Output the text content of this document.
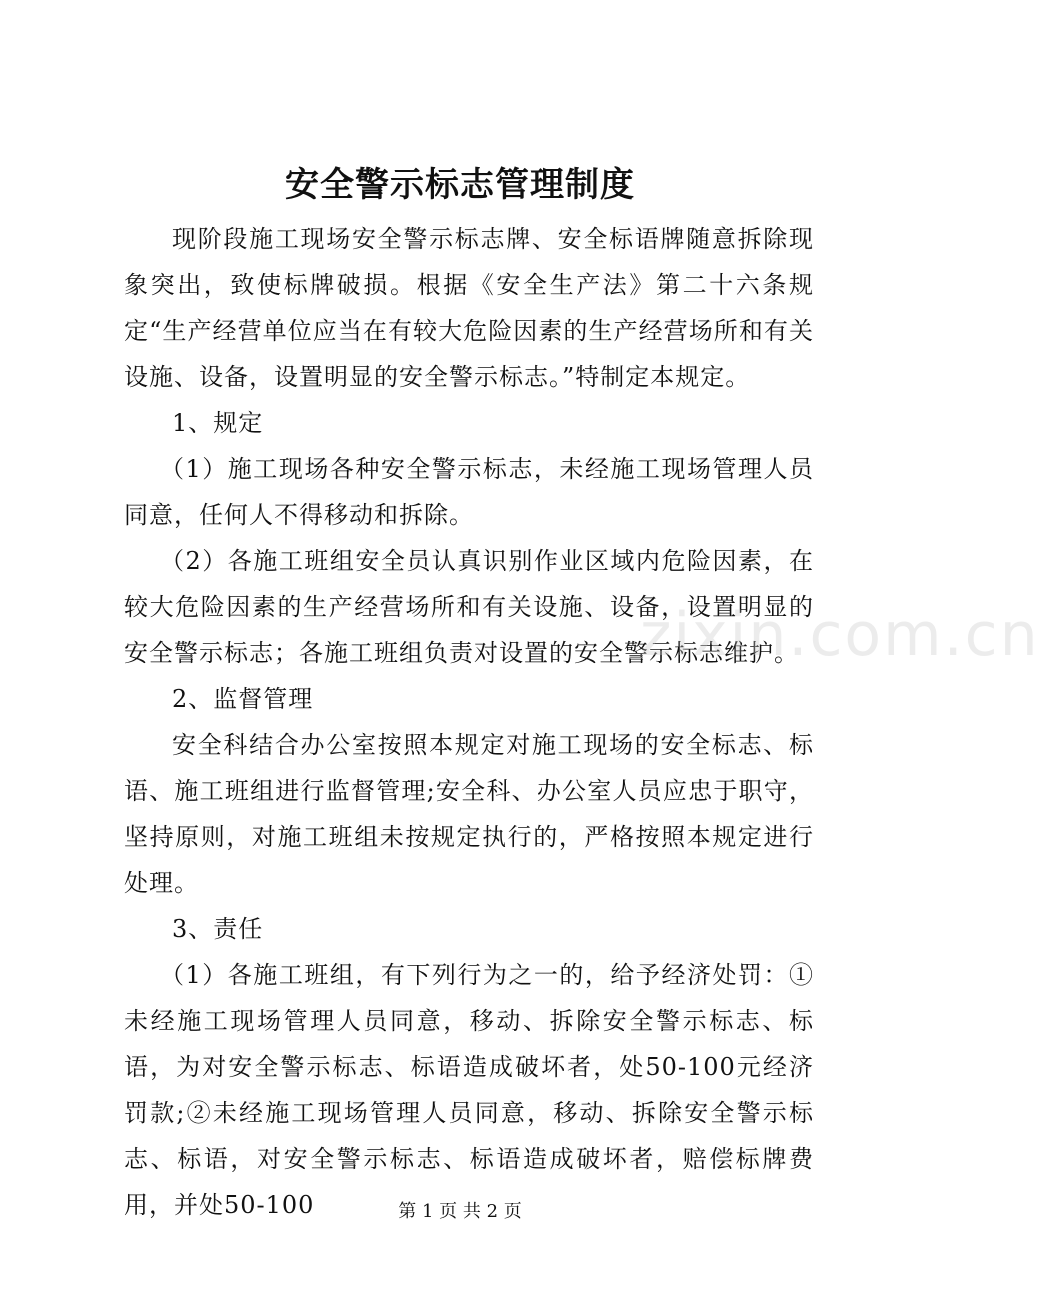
安全警示标志管理制度

现阶段施工现场安全警示标志牌、安全标语牌随意拆除现象突出，致使标牌破损。根据《安全生产法》第二十六条规定“生产经营单位应当在有较大危险因素的生产经营场所和有关设施、设备，设置明显的安全警示标志。”特制定本规定。

1、规定

（1）施工现场各种安全警示标志，未经施工现场管理人员同意，任何人不得移动和拆除。

（2）各施工班组安全员认真识别作业区域内危险因素，在较大危险因素的生产经营场所和有关设施、设备，设置明显的安全警示标志；各施工班组负责对设置的安全警示标志维护。

2、监督管理

安全科结合办公室按照本规定对施工现场的安全标志、标语、施工班组进行监督管理;安全科、办公室人员应忠于职守，坚持原则，对施工班组未按规定执行的，严格按照本规定进行处理。

3、责任

（1）各施工班组，有下列行为之一的，给予经济处罚：①未经施工现场管理人员同意，移动、拆除安全警示标志、标语，为对安全警示标志、标语造成破坏者，处50-100元经济罚款;②未经施工现场管理人员同意，移动、拆除安全警示标志、标语，对安全警示标志、标语造成破坏者，赔偿标牌费用，并处50-100

zixin.com.cn
第 1 页 共 2 页
